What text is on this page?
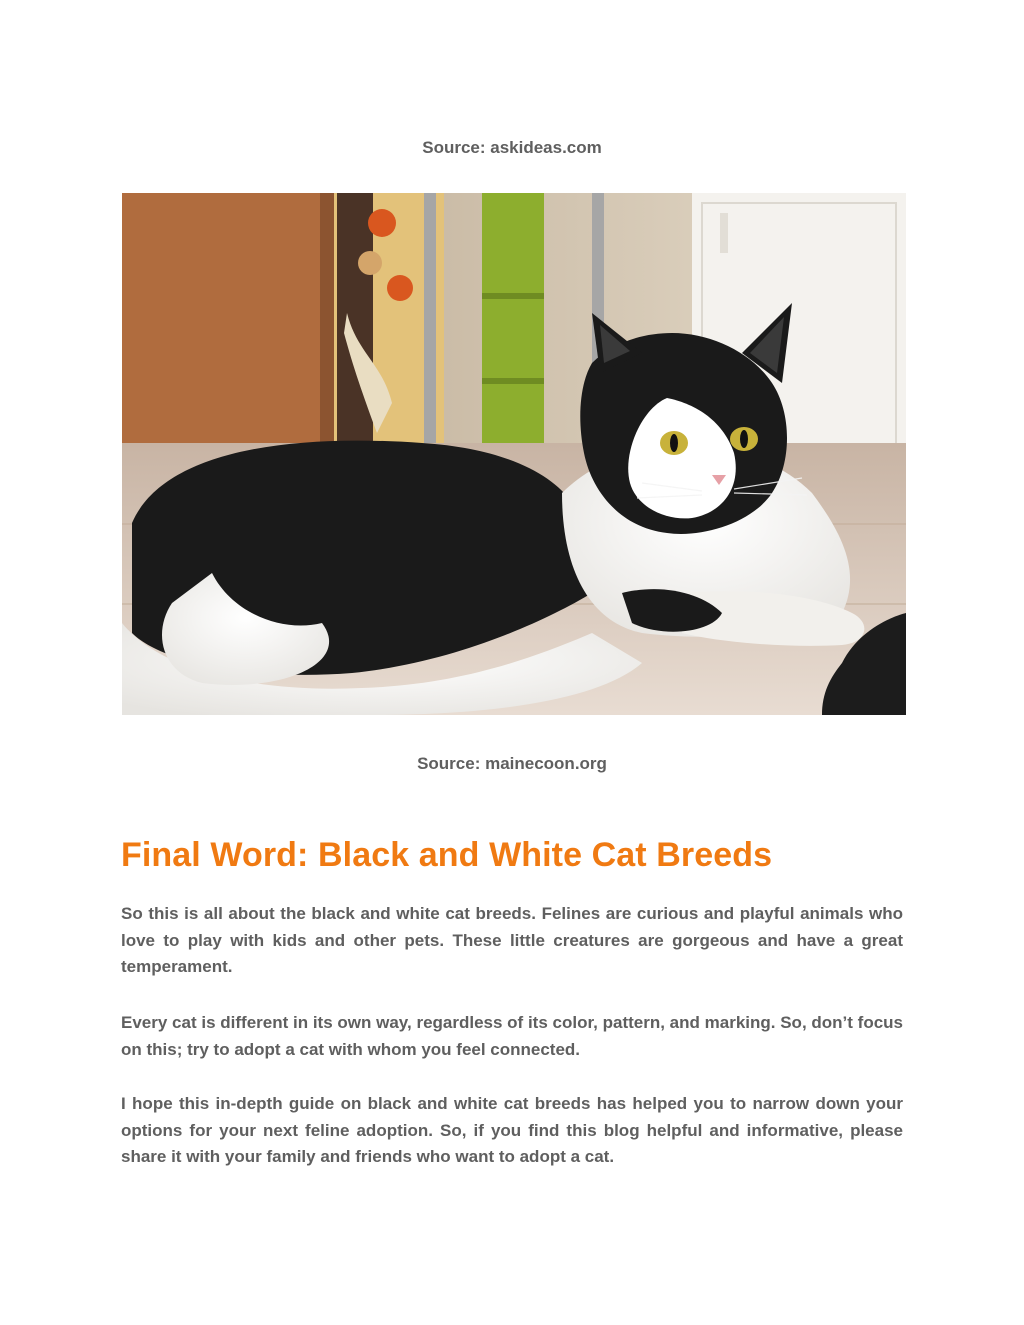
Source: askideas.com
Source: mainecoon.org
Final Word: Black and White Cat Breeds

So this is all about the black and white cat breeds. Felines are curious and playful animals who love to play with kids and other pets. These little creatures are gorgeous and have a great temperament.

Every cat is different in its own way, regardless of its color, pattern, and marking. So, don’t focus on this; try to adopt a cat with whom you feel connected.

I hope this in-depth guide on black and white cat breeds has helped you to narrow down your options for your next feline adoption. So, if you find this blog helpful and informative, please share it with your family and friends who want to adopt a cat.
